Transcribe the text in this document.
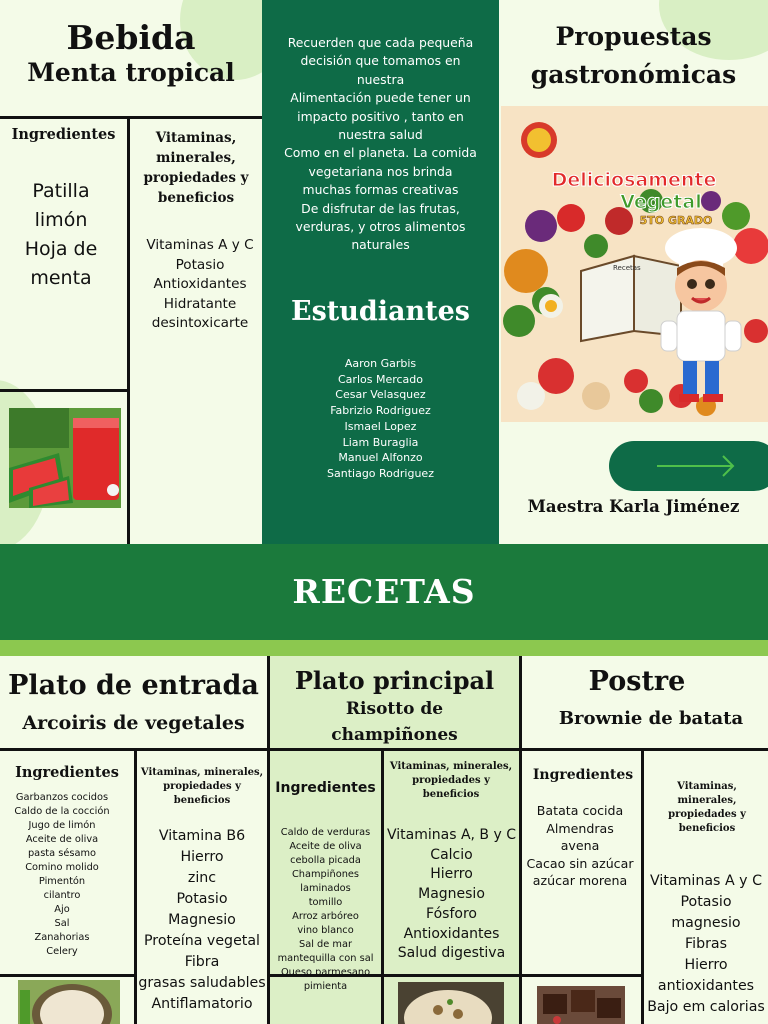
Bebida
Menta tropical
Ingredientes
Patilla
limón
Hoja de
menta
Vitaminas, minerales, propiedades y beneficios
Vitaminas A y C
Potasio
Antioxidantes
Hidratante
desintoxicarte
Recuerden que cada pequeña
decisión que tomamos en
nuestra
Alimentación puede tener un
impacto positivo , tanto en
nuestra salud
Como en el planeta. La comida
vegetariana nos brinda
muchas formas creativas
De disfrutar de las frutas,
verduras, y otros alimentos
naturales
Estudiantes
Aaron Garbis
Carlos Mercado
Cesar Velasquez
Fabrizio Rodriguez
Ismael Lopez
Liam Buraglia
Manuel Alfonzo
Santiago Rodriguez
Propuestas
gastronómicas
Deliciosamente
Vegetal
5TO GRADO
Recetas
Maestra Karla Jiménez
RECETAS
Plato de entrada
Arcoiris de vegetales
Ingredientes
Garbanzos cocidos
Caldo de la cocción
Jugo de limón
Aceite de oliva
pasta sésamo
Comino molido
Pimentón
cilantro
Ajo
Sal
Zanahorias
Celery
Vitaminas, minerales, propiedades y beneficios
Vitamina B6
Hierro
zinc
Potasio
Magnesio
Proteína vegetal
Fibra
grasas saludables
Antiflamatorio
Plato principal
Risotto de
champiñones
Ingredientes
Caldo de verduras
Aceite de oliva
cebolla picada
Champiñones
laminados
tomillo
Arroz arbóreo
vino blanco
Sal de mar
mantequilla con sal
Queso parmesano
pimienta
Vitaminas, minerales, propiedades y beneficios
Vitaminas A, B y C
Calcio
Hierro
Magnesio
Fósforo
Antioxidantes
Salud digestiva
Postre
Brownie de batata
Ingredientes
Batata cocida
Almendras
avena
Cacao sin azúcar
azúcar morena
Vitaminas, minerales, propiedades y beneficios
Vitaminas A y C
Potasio
magnesio
Fibras
Hierro
antioxidantes
Bajo em calorias
